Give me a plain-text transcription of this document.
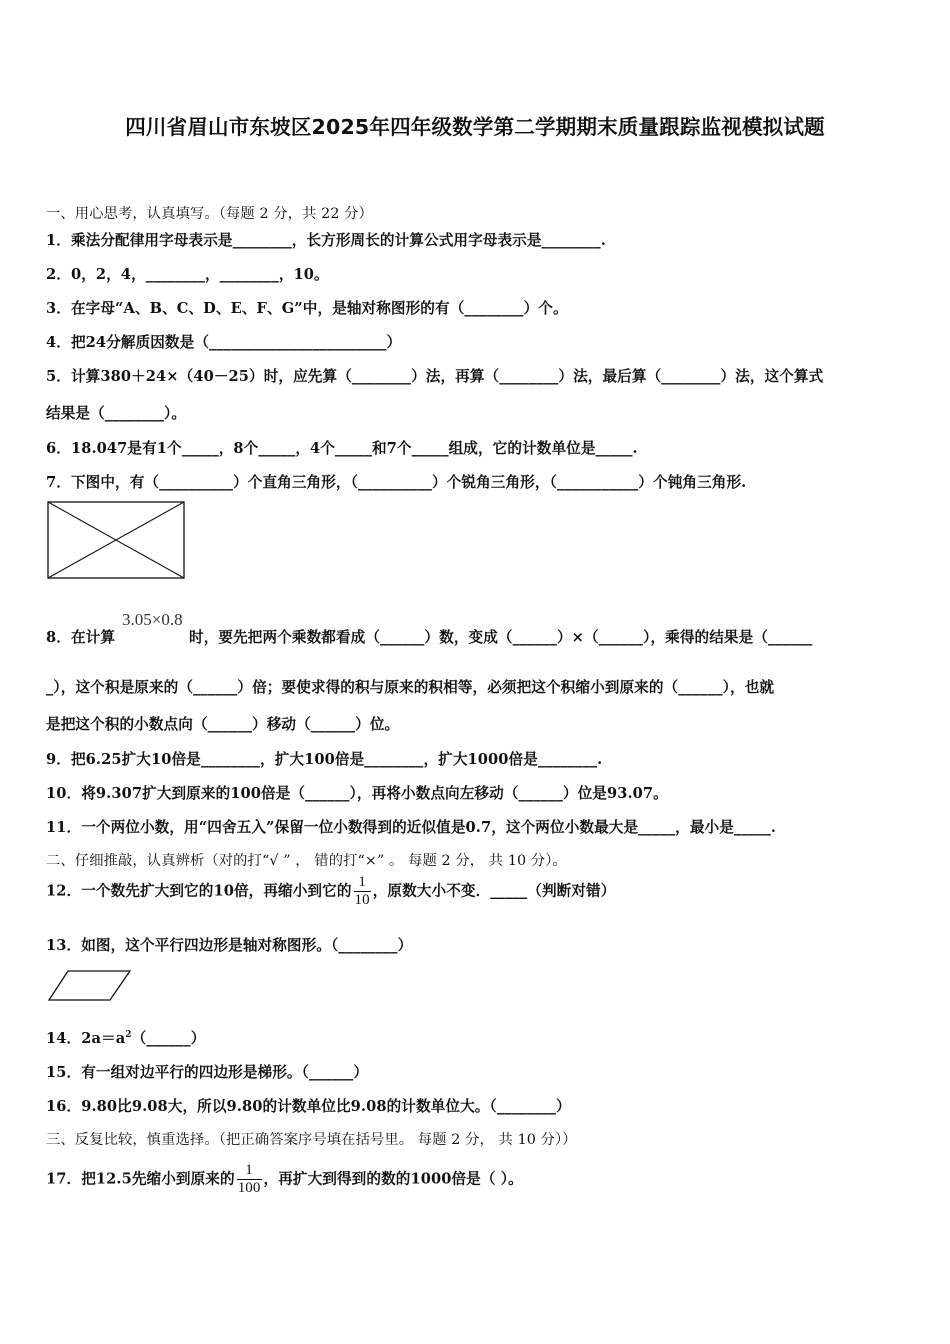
四川省眉山市东坡区2025年四年级数学第二学期期末质量跟踪监视模拟试题
一、用心思考，认真填写。（每题 2 分，共 22 分）
1．乘法分配律用字母表示是________，长方形周长的计算公式用字母表示是________.
2．0，2，4，________，________，10。
3．在字母“A、B、C、D、E、F、G”中，是轴对称图形的有（________）个。
4．把24分解质因数是（________________________）
5．计算380＋24×（40－25）时，应先算（________）法，再算（________）法，最后算（________）法，这个算式
结果是（________）。
6．18.047是有1个_____，8个_____，4个_____和7个_____组成，它的计数单位是_____.
7．下图中，有（__________）个直角三角形，（__________）个锐角三角形，（___________）个钝角三角形.
3.05×0.8
8．在计算	时，要先把两个乘数都看成（______）数，变成（______）×（______），乘得的结果是（______
_），这个积是原来的（______）倍；要使求得的积与原来的积相等，必须把这个积缩小到原来的（______），也就
是把这个积的小数点向（______）移动（______）位。
9．把6.25扩大10倍是________，扩大100倍是________，扩大1000倍是________.
10．将9.307扩大到原来的100倍是（______），再将小数点向左移动（______）位是93.07。
11．一个两位小数，用“四舍五入”保留一位小数得到的近似值是0.7，这个两位小数最大是_____，最小是_____.
二、仔细推敲，认真辨析（对的打“√ ” ， 错的打“×” 。 每题 2 分， 共 10 分）。
12．一个数先扩大到它的10倍，再缩小到它的 $\frac{1}{10}$ ，原数大小不变．_____（判断对错）
13．如图，这个平行四边形是轴对称图形。（________）
14．$2a=a^2(\_\_\_\_\_\_)$
15．有一组对边平行的四边形是梯形。（______）
16．9.80比9.08大，所以9.80的计数单位比9.08的计数单位大。（________）
三、反复比较，慎重选择。（把正确答案序号填在括号里。 每题 2 分， 共 10 分））
17．把12.5先缩小到原来的 $\frac{1}{100}$ ，再扩大到得到的数的1000倍是（ ）。
